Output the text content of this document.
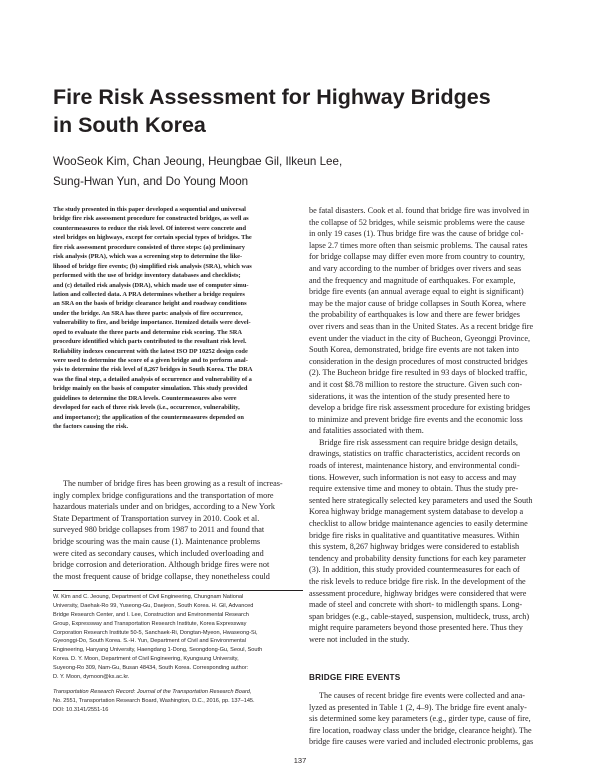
Fire Risk Assessment for Highway Bridges
in South Korea
WooSeok Kim, Chan Jeoung, Heungbae Gil, Ilkeun Lee,
Sung-Hwan Yun, and Do Young Moon
The study presented in this paper developed a sequential and universal
bridge fire risk assessment procedure for constructed bridges, as well as
countermeasures to reduce the risk level. Of interest were concrete and
steel bridges on highways, except for certain special types of bridges. The
fire risk assessment procedure consisted of three steps: (a) preliminary
risk analysis (PRA), which was a screening step to determine the like-
lihood of bridge fire events; (b) simplified risk analysis (SRA), which was
performed with the use of bridge inventory databases and checklists;
and (c) detailed risk analysis (DRA), which made use of computer simu-
lation and collected data. A PRA determines whether a bridge requires
an SRA on the basis of bridge clearance height and roadway conditions
under the bridge. An SRA has three parts: analysis of fire occurrence,
vulnerability to fire, and bridge importance. Itemized details were devel-
oped to evaluate the three parts and determine risk scoring. The SRA
procedure identified which parts contributed to the resultant risk level.
Reliability indexes concurrent with the latest ISO DP 10252 design code
were used to determine the score of a given bridge and to perform anal-
ysis to determine the risk level of 8,267 bridges in South Korea. The DRA
was the final step, a detailed analysis of occurrence and vulnerability of a
bridge mainly on the basis of computer simulation. This study provided
guidelines to determine the DRA levels. Countermeasures also were
developed for each of three risk levels (i.e., occurrence, vulnerability,
and importance); the application of the countermeasures depended on
the factors causing the risk.
The number of bridge fires has been growing as a result of increas-
ingly complex bridge configurations and the transportation of more
hazardous materials under and on bridges, according to a New York
State Department of Transportation survey in 2010. Cook et al.
surveyed 980 bridge collapses from 1987 to 2011 and found that
bridge scouring was the main cause (1). Maintenance problems
were cited as secondary causes, which included overloading and
bridge corrosion and deterioration. Although bridge fires were not
the most frequent cause of bridge collapse, they nonetheless could
W. Kim and C. Jeoung, Department of Civil Engineering, Chungnam National
University, Daehak-Ro 99, Yuseong-Gu, Daejeon, South Korea. H. Gil, Advanced
Bridge Research Center, and I. Lee, Construction and Environmental Research
Group, Expressway and Transportation Research Institute, Korea Expressway
Corporation Research Institute 50-5, Sanchaek-Ri, Dongtan-Myeon, Hwaseong-Si,
Gyeonggi-Do, South Korea. S.-H. Yun, Department of Civil and Environmental
Engineering, Hanyang University, Haengdang 1-Dong, Seongdong-Gu, Seoul, South
Korea. D. Y. Moon, Department of Civil Engineering, Kyungsung University,
Suyeong-Ro 309, Nam-Gu, Busan 48434, South Korea. Corresponding author:
D. Y. Moon, dymoon@ks.ac.kr.
Transportation Research Record: Journal of the Transportation Research Board,
No. 2551, Transportation Research Board, Washington, D.C., 2016, pp. 137–145.
DOI: 10.3141/2551-16
be fatal disasters. Cook et al. found that bridge fire was involved in
the collapse of 52 bridges, while seismic problems were the cause
in only 19 cases (1). Thus bridge fire was the cause of bridge col-
lapse 2.7 times more often than seismic problems. The causal rates
for bridge collapse may differ even more from country to country,
and vary according to the number of bridges over rivers and seas
and the frequency and magnitude of earthquakes. For example,
bridge fire events (an annual average equal to eight is significant)
may be the major cause of bridge collapses in South Korea, where
the probability of earthquakes is low and there are fewer bridges
over rivers and seas than in the United States. As a recent bridge fire
event under the viaduct in the city of Bucheon, Gyeonggi Province,
South Korea, demonstrated, bridge fire events are not taken into
consideration in the design procedures of most constructed bridges
(2). The Bucheon bridge fire resulted in 93 days of blocked traffic,
and it cost $8.78 million to restore the structure. Given such con-
siderations, it was the intention of the study presented here to
develop a bridge fire risk assessment procedure for existing bridges
to minimize and prevent bridge fire events and the economic loss
and fatalities associated with them.
Bridge fire risk assessment can require bridge design details,
drawings, statistics on traffic characteristics, accident records on
roads of interest, maintenance history, and environmental condi-
tions. However, such information is not easy to access and may
require extensive time and money to obtain. Thus the study pre-
sented here strategically selected key parameters and used the South
Korea highway bridge management system database to develop a
checklist to allow bridge maintenance agencies to easily determine
bridge fire risks in qualitative and quantitative measures. Within
this system, 8,267 highway bridges were considered to establish
tendency and probability density functions for each key parameter
(3). In addition, this study provided countermeasures for each of
the risk levels to reduce bridge fire risk. In the development of the
assessment procedure, highway bridges were considered that were
made of steel and concrete with short- to midlength spans. Long-
span bridges (e.g., cable-stayed, suspension, multideck, truss, arch)
might require parameters beyond those presented here. Thus they
were not included in the study.
BRIDGE FIRE EVENTS
The causes of recent bridge fire events were collected and ana-
lyzed as presented in Table 1 (2, 4–9). The bridge fire event analy-
sis determined some key parameters (e.g., girder type, cause of fire,
fire location, roadway class under the bridge, clearance height). The
bridge fire causes were varied and included electronic problems, gas
137
